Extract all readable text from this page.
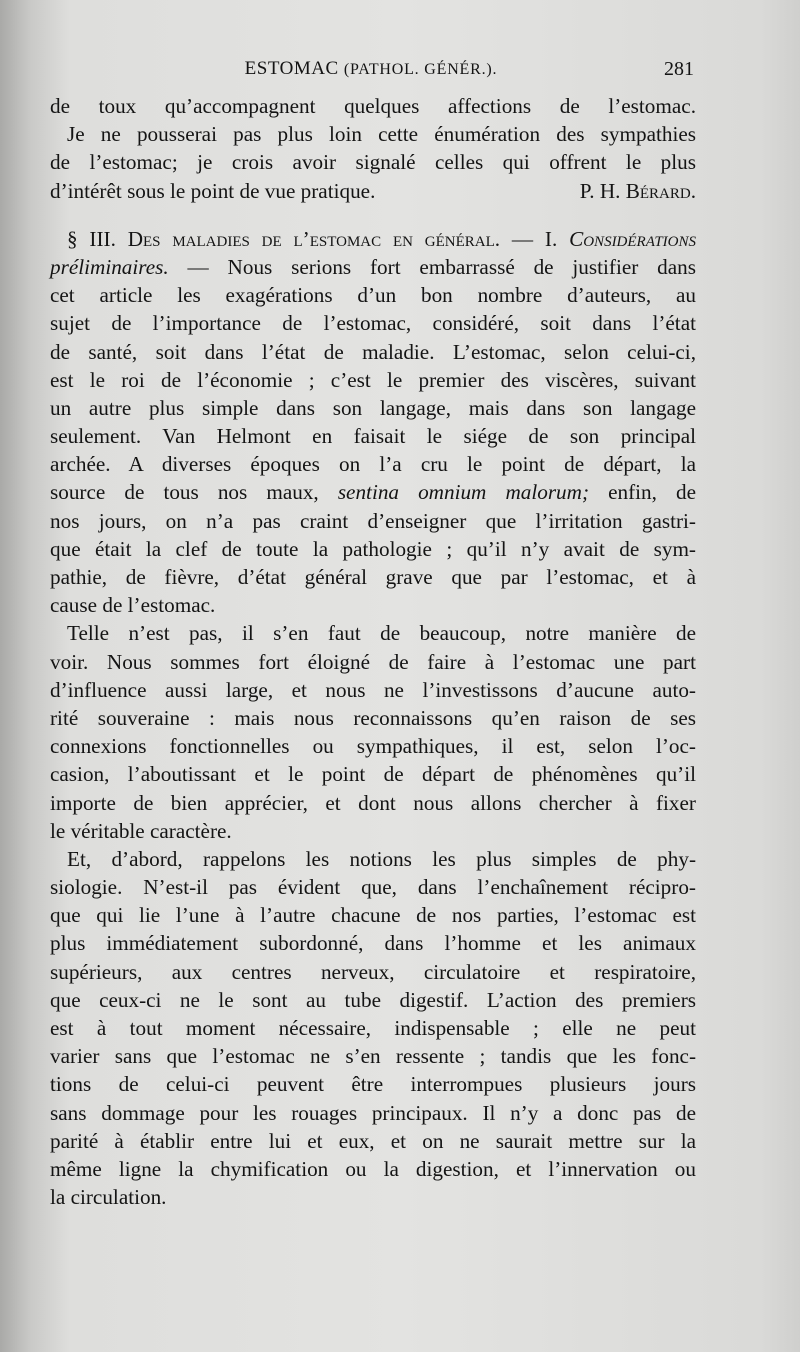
ESTOMAC (PATHOL. GÉNÉR.).	281
de toux qu’accompagnent quelques affections de l’estomac.
Je ne pousserai pas plus loin cette énumération des sympathies
de l’estomac; je crois avoir signalé celles qui offrent le plus
d’intérêt sous le point de vue pratique.	P. H. Bérard.
§ III. Des maladies de l’estomac en général. — I. Considérations
préliminaires. — Nous serions fort embarrassé de justifier dans
cet article les exagérations d’un bon nombre d’auteurs, au
sujet de l’importance de l’estomac, considéré, soit dans l’état
de santé, soit dans l’état de maladie. L’estomac, selon celui-ci,
est le roi de l’économie ; c’est le premier des viscères, suivant
un autre plus simple dans son langage, mais dans son langage
seulement. Van Helmont en faisait le siége de son principal
archée. A diverses époques on l’a cru le point de départ, la
source de tous nos maux, sentina omnium malorum; enfin, de
nos jours, on n’a pas craint d’enseigner que l’irritation gastri-
que était la clef de toute la pathologie ; qu’il n’y avait de sym-
pathie, de fièvre, d’état général grave que par l’estomac, et à
cause de l’estomac.
Telle n’est pas, il s’en faut de beaucoup, notre manière de
voir. Nous sommes fort éloigné de faire à l’estomac une part
d’influence aussi large, et nous ne l’investissons d’aucune auto-
rité souveraine : mais nous reconnaissons qu’en raison de ses
connexions fonctionnelles ou sympathiques, il est, selon l’oc-
casion, l’aboutissant et le point de départ de phénomènes qu’il
importe de bien apprécier, et dont nous allons chercher à fixer
le véritable caractère.
Et, d’abord, rappelons les notions les plus simples de phy-
siologie. N’est-il pas évident que, dans l’enchaînement récipro-
que qui lie l’une à l’autre chacune de nos parties, l’estomac est
plus immédiatement subordonné, dans l’homme et les animaux
supérieurs, aux centres nerveux, circulatoire et respiratoire,
que ceux-ci ne le sont au tube digestif. L’action des premiers
est à tout moment nécessaire, indispensable ; elle ne peut
varier sans que l’estomac ne s’en ressente ; tandis que les fonc-
tions de celui-ci peuvent être interrompues plusieurs jours
sans dommage pour les rouages principaux. Il n’y a donc pas de
parité à établir entre lui et eux, et on ne saurait mettre sur la
même ligne la chymification ou la digestion, et l’innervation ou
la circulation.
